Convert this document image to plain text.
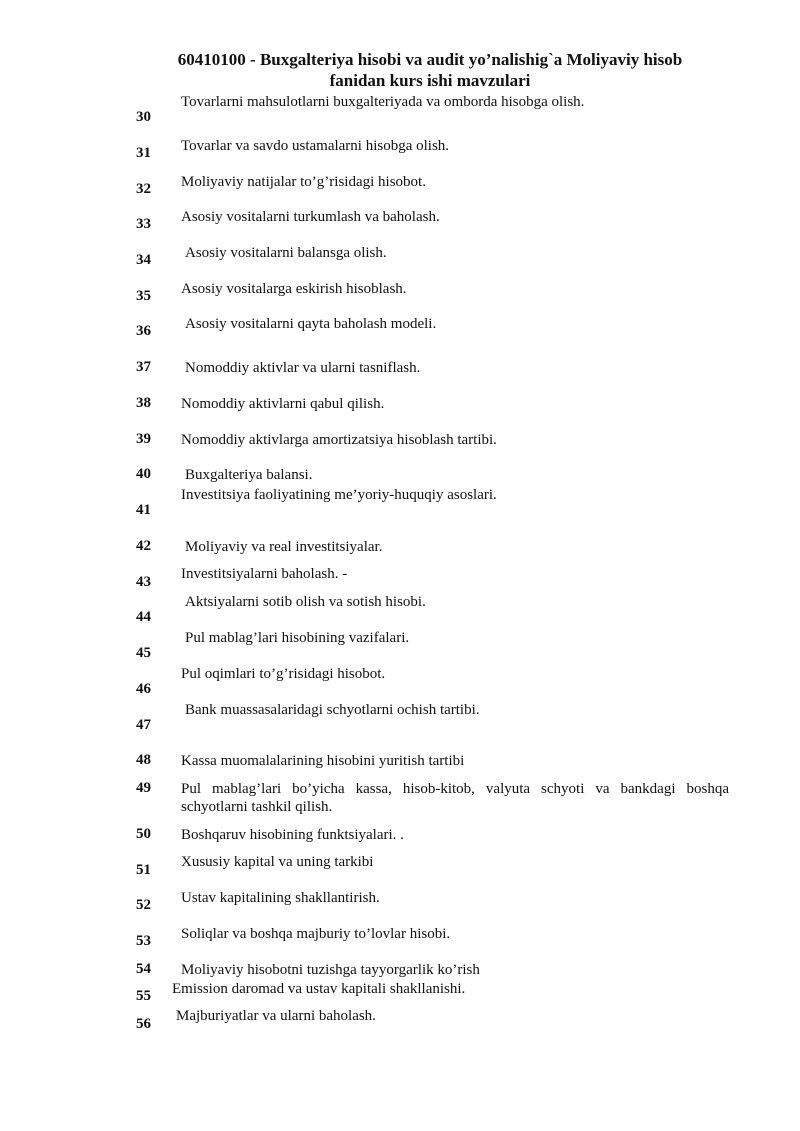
60410100 - Buxgalteriya hisobi va audit yo’nalishig`a Moliyaviy hisob
fanidan kurs ishi mavzulari
30
Tovarlarni mahsulotlarni buxgalteriyada va omborda hisobga olish.
31 Tovarlar va savdo ustamalarni hisobga olish.
32 Moliyaviy natijalar to’g’risidagi hisobot.
33 Asosiy vositalarni turkumlash va baholash.
34 Asosiy vositalarni balansga olish.
35 Asosiy vositalarga eskirish hisoblash.
36 Asosiy vositalarni qayta baholash modeli.
37 Nomoddiy aktivlar va ularni tasniflash.
38 Nomoddiy aktivlarni qabul qilish.
39 Nomoddiy aktivlarga amortizatsiya hisoblash tartibi.
40 Buxgalteriya balansi.
41
Investitsiya faoliyatining me’yoriy-huquqiy asoslari.
42 Moliyaviy va real investitsiyalar.
43 Investitsiyalarni baholash. -
44
Aktsiyalarni sotib olish va sotish hisobi.
45
Pul mablag’lari hisobining vazifalari.
46
Pul oqimlari to’g’risidagi hisobot.
47
Bank muassasalaridagi schyotlarni ochish tartibi.
48 Kassa muomalalarining hisobini yuritish tartibi
49 Pul mablag’lari bo’yicha kassa, hisob-kitob, valyuta schyoti va bankdagi boshqa schyotlarni tashkil qilish.
50 Boshqaruv hisobining funktsiyalari. .
51 Xususiy kapital va uning tarkibi
52 Ustav kapitalining shakllantirish.
53 Soliqlar va boshqa majburiy to’lovlar hisobi.
54 Moliyaviy hisobotni tuzishga tayyorgarlik ko’rish
55 Emission daromad va ustav kapitali shakllanishi.
56 Majburiyatlar va ularni baholash.
